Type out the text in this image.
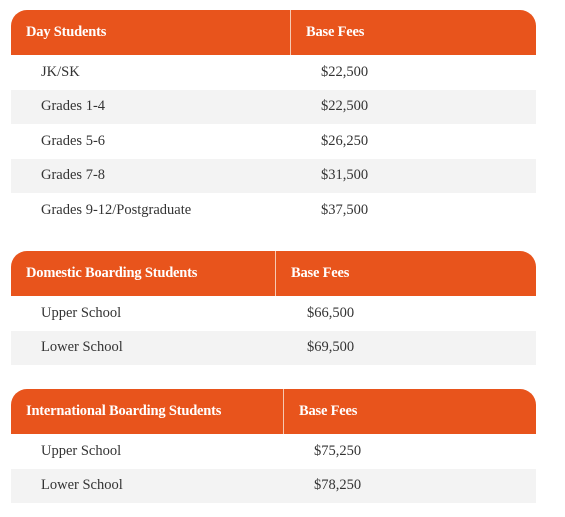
Day Students	Base Fees
JK/SK	$22,500
Grades 1-4	$22,500
Grades 5-6	$26,250
Grades 7-8	$31,500
Grades 9-12/Postgraduate	$37,500
Domestic Boarding Students	Base Fees
Upper School	$66,500
Lower School	$69,500
International Boarding Students	Base Fees
Upper School	$75,250
Lower School	$78,250
